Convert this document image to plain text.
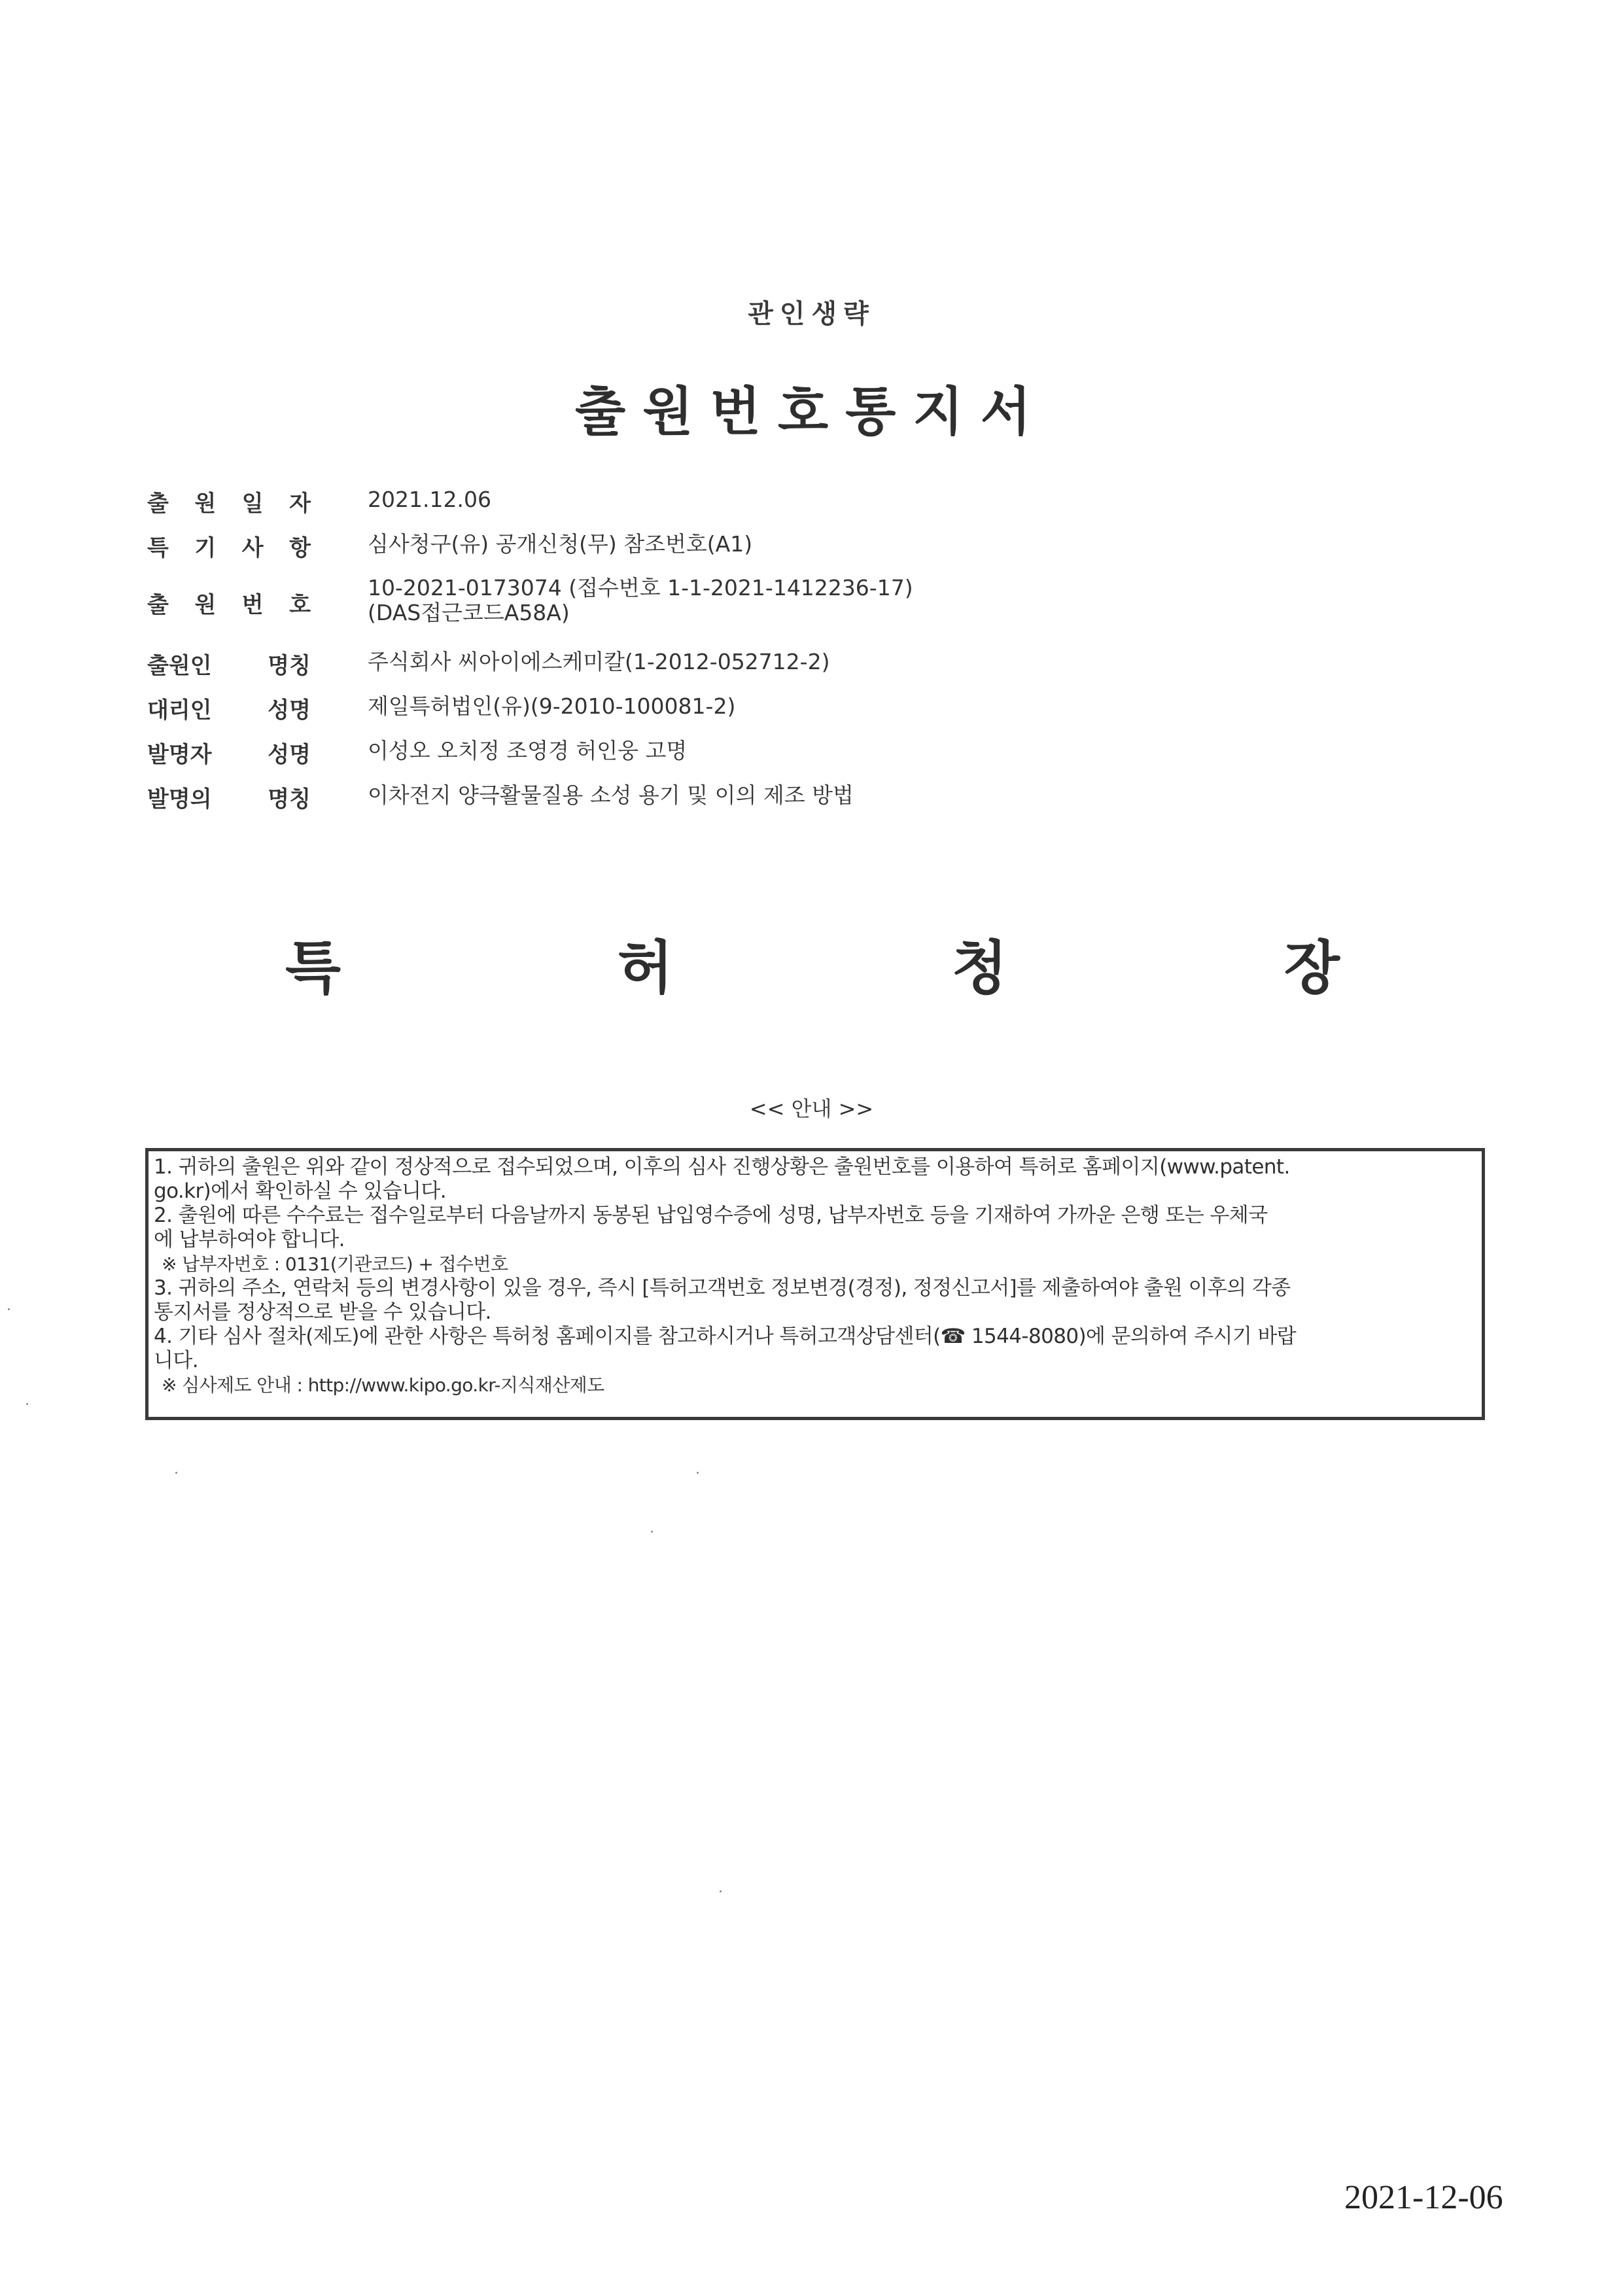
관인생략
출원번호통지서
출 원 일 자	2021.12.06
특 기 사 항	심사청구(유) 공개신청(무) 참조번호(A1)
출 원 번 호
10-2021-0173074 (접수번호 1-1-2021-1412236-17)
(DAS접근코드A58A)
출원인	명칭	주식회사 씨아이에스케미칼(1-2012-052712-2)
대리인	성명	제일특허법인(유)(9-2010-100081-2)
발명자	성명	이성오 오치정 조영경 허인웅 고명
발명의	명칭	이차전지 양극활물질용 소성 용기 및 이의 제조 방법
특	허	청	장
<< 안내 >>
1. 귀하의 출원은 위와 같이 정상적으로 접수되었으며, 이후의 심사 진행상황은 출원번호를 이용하여 특허로 홈페이지(www.patent.
go.kr)에서 확인하실 수 있습니다.
2. 출원에 따른 수수료는 접수일로부터 다음날까지 동봉된 납입영수증에 성명, 납부자번호 등을 기재하여 가까운 은행 또는 우체국
에 납부하여야 합니다.
※ 납부자번호 : 0131(기관코드) + 접수번호
3. 귀하의 주소, 연락처 등의 변경사항이 있을 경우, 즉시 [특허고객번호 정보변경(경정), 정정신고서]를 제출하여야 출원 이후의 각종
통지서를 정상적으로 받을 수 있습니다.
4. 기타 심사 절차(제도)에 관한 사항은 특허청 홈페이지를 참고하시거나 특허고객상담센터(☎ 1544-8080)에 문의하여 주시기 바랍
니다.
※ 심사제도 안내 : http://www.kipo.go.kr-지식재산제도
2021-12-06
